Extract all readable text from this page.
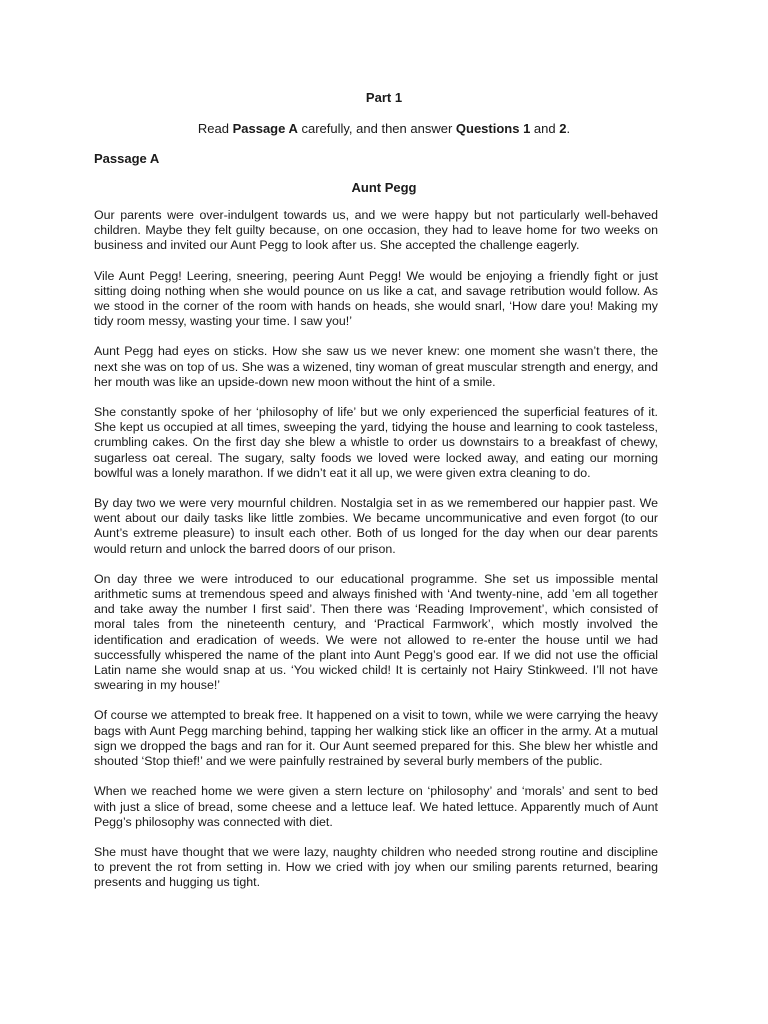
Part 1
Read Passage A carefully, and then answer Questions 1 and 2.
Passage A
Aunt Pegg

Our parents were over-indulgent towards us, and we were happy but not particularly well-behaved children. Maybe they felt guilty because, on one occasion, they had to leave home for two weeks on business and invited our Aunt Pegg to look after us. She accepted the challenge eagerly.

Vile Aunt Pegg! Leering, sneering, peering Aunt Pegg! We would be enjoying a friendly fight or just sitting doing nothing when she would pounce on us like a cat, and savage retribution would follow. As we stood in the corner of the room with hands on heads, she would snarl, ‘How dare you! Making my tidy room messy, wasting your time. I saw you!’

Aunt Pegg had eyes on sticks. How she saw us we never knew: one moment she wasn’t there, the next she was on top of us. She was a wizened, tiny woman of great muscular strength and energy, and her mouth was like an upside-down new moon without the hint of a smile.

She constantly spoke of her ‘philosophy of life’ but we only experienced the superficial features of it. She kept us occupied at all times, sweeping the yard, tidying the house and learning to cook tasteless, crumbling cakes. On the first day she blew a whistle to order us downstairs to a breakfast of chewy, sugarless oat cereal. The sugary, salty foods we loved were locked away, and eating our morning bowlful was a lonely marathon. If we didn’t eat it all up, we were given extra cleaning to do.

By day two we were very mournful children. Nostalgia set in as we remembered our happier past. We went about our daily tasks like little zombies. We became uncommunicative and even forgot (to our Aunt’s extreme pleasure) to insult each other. Both of us longed for the day when our dear parents would return and unlock the barred doors of our prison.

On day three we were introduced to our educational programme. She set us impossible mental arithmetic sums at tremendous speed and always finished with ‘And twenty-nine, add ’em all together and take away the number I first said’. Then there was ‘Reading Improvement’, which consisted of moral tales from the nineteenth century, and ‘Practical Farmwork’, which mostly involved the identification and eradication of weeds. We were not allowed to re-enter the house until we had successfully whispered the name of the plant into Aunt Pegg’s good ear. If we did not use the official Latin name she would snap at us. ‘You wicked child! It is certainly not Hairy Stinkweed. I’ll not have swearing in my house!’

Of course we attempted to break free. It happened on a visit to town, while we were carrying the heavy bags with Aunt Pegg marching behind, tapping her walking stick like an officer in the army. At a mutual sign we dropped the bags and ran for it. Our Aunt seemed prepared for this. She blew her whistle and shouted ‘Stop thief!’ and we were painfully restrained by several burly members of the public.

When we reached home we were given a stern lecture on ‘philosophy’ and ‘morals’ and sent to bed with just a slice of bread, some cheese and a lettuce leaf. We hated lettuce. Apparently much of Aunt Pegg’s philosophy was connected with diet.

She must have thought that we were lazy, naughty children who needed strong routine and discipline to prevent the rot from setting in. How we cried with joy when our smiling parents returned, bearing presents and hugging us tight.
